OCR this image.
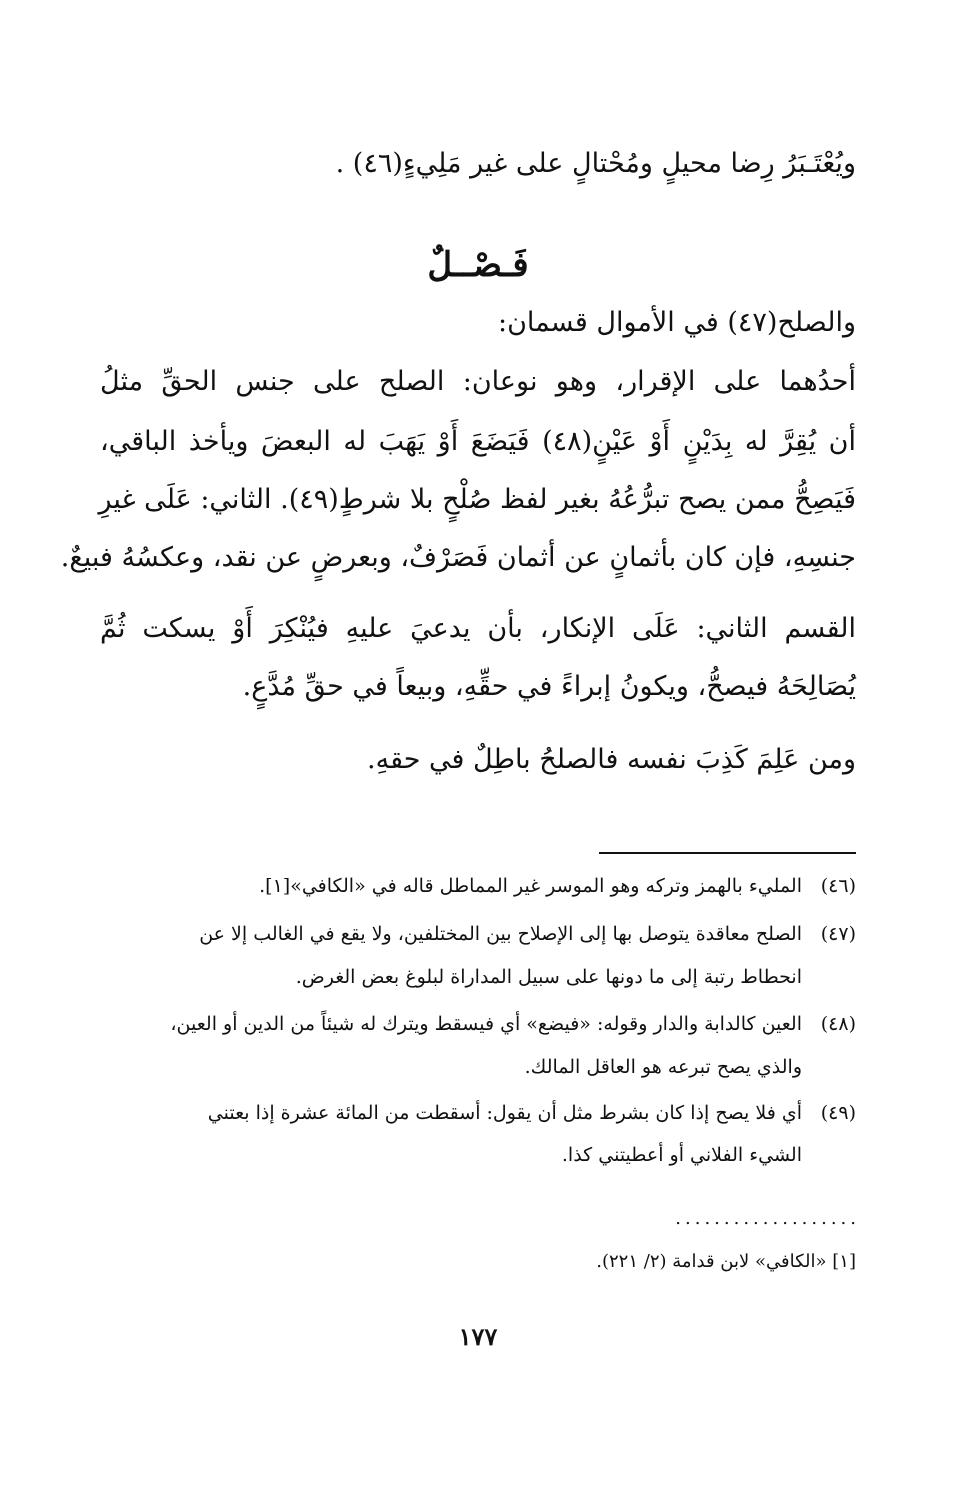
ويُعْتَـبَرُ رِضا محيلٍ ومُحْتالٍ على غير مَلِيءٍ(٤٦) .
فَـصْــلٌ
والصلح(٤٧) في الأموال قسمان:
أحدُهما على الإقرار، وهو نوعان: الصلح على جنس الحقِّ مثلُ
أن يُقِرَّ له بِدَيْنٍ أَوْ عَيْنٍ(٤٨) فَيَضَعَ أَوْ يَهَبَ له البعضَ ويأخذ الباقي،
فَيَصِحُّ ممن يصح تبرُّعُهُ بغير لفظ صُلْحٍ بلا شرطٍ(٤٩). الثاني: عَلَى غيرِ
جنسِهِ، فإن كان بأثمانٍ عن أثمان فَصَرْفٌ، وبعرضٍ عن نقد، وعكسُهُ فبيعٌ.
القسم الثاني: عَلَى الإنكار، بأن يدعيَ عليهِ فيُنْكِرَ أَوْ يسكت ثُمَّ
يُصَالِحَهُ فيصحُّ، ويكونُ إبراءً في حقِّهِ، وبيعاً في حقِّ مُدَّعٍ.
ومن عَلِمَ كَذِبَ نفسه فالصلحُ باطِلٌ في حقهِ.
(٤٦)المليء بالهمز وتركه وهو الموسر غير المماطل قاله في «الكافي»[١].
(٤٧)الصلح معاقدة يتوصل بها إلى الإصلاح بين المختلفين، ولا يقع في الغالب إلا عن
انحطاط رتبة إلى ما دونها على سبيل المداراة لبلوغ بعض الغرض.
(٤٨)العين كالدابة والدار وقوله: «فيضع» أي فيسقط ويترك له شيئاً من الدين أو العين،
والذي يصح تبرعه هو العاقل المالك.
(٤٩)أي فلا يصح إذا كان بشرط مثل أن يقول: أسقطت من المائة عشرة إذا بعتني
الشيء الفلاني أو أعطيتني كذا.
...................
[١] «الكافي» لابن قدامة (٢/ ٢٢١).
١٧٧
